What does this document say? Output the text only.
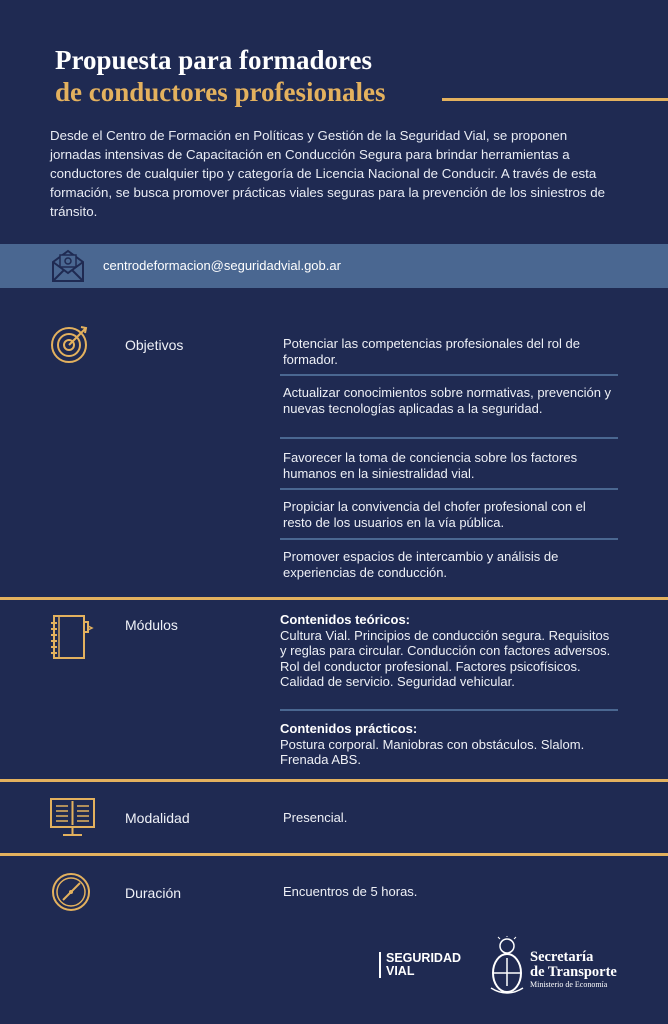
Propuesta para formadores
de conductores profesionales
Desde el Centro de Formación en Políticas y Gestión de la Seguridad Vial, se proponen jornadas intensivas de Capacitación en Conducción Segura para brindar herramientas a conductores de cualquier tipo y categoría de Licencia Nacional de Conducir. A través de esta formación, se busca promover prácticas viales seguras para la prevención de los siniestros de tránsito.
centrodeformacion@seguridadvial.gob.ar
Objetivos	Potenciar las competencias profesionales del rol de formador.
Actualizar conocimientos sobre normativas, prevención y nuevas tecnologías aplicadas a la seguridad.
Favorecer la toma de conciencia sobre los factores humanos en la siniestralidad vial.
Propiciar la convivencia del chofer profesional con el resto de los usuarios en la vía pública.
Promover espacios de intercambio y análisis de experiencias de conducción.
Módulos	Contenidos teóricos:
Cultura Vial. Principios de conducción segura. Requisitos y reglas para circular. Conducción con factores adversos. Rol del conductor profesional. Factores psicofísicos. Calidad de servicio. Seguridad vehicular.
Contenidos prácticos:
Postura corporal. Maniobras con obstáculos. Slalom. Frenada ABS.
Modalidad	Presencial.
Duración	Encuentros de 5 horas.
SEGURIDAD
VIAL
Secretaría
de Transporte
Ministerio de Economía
